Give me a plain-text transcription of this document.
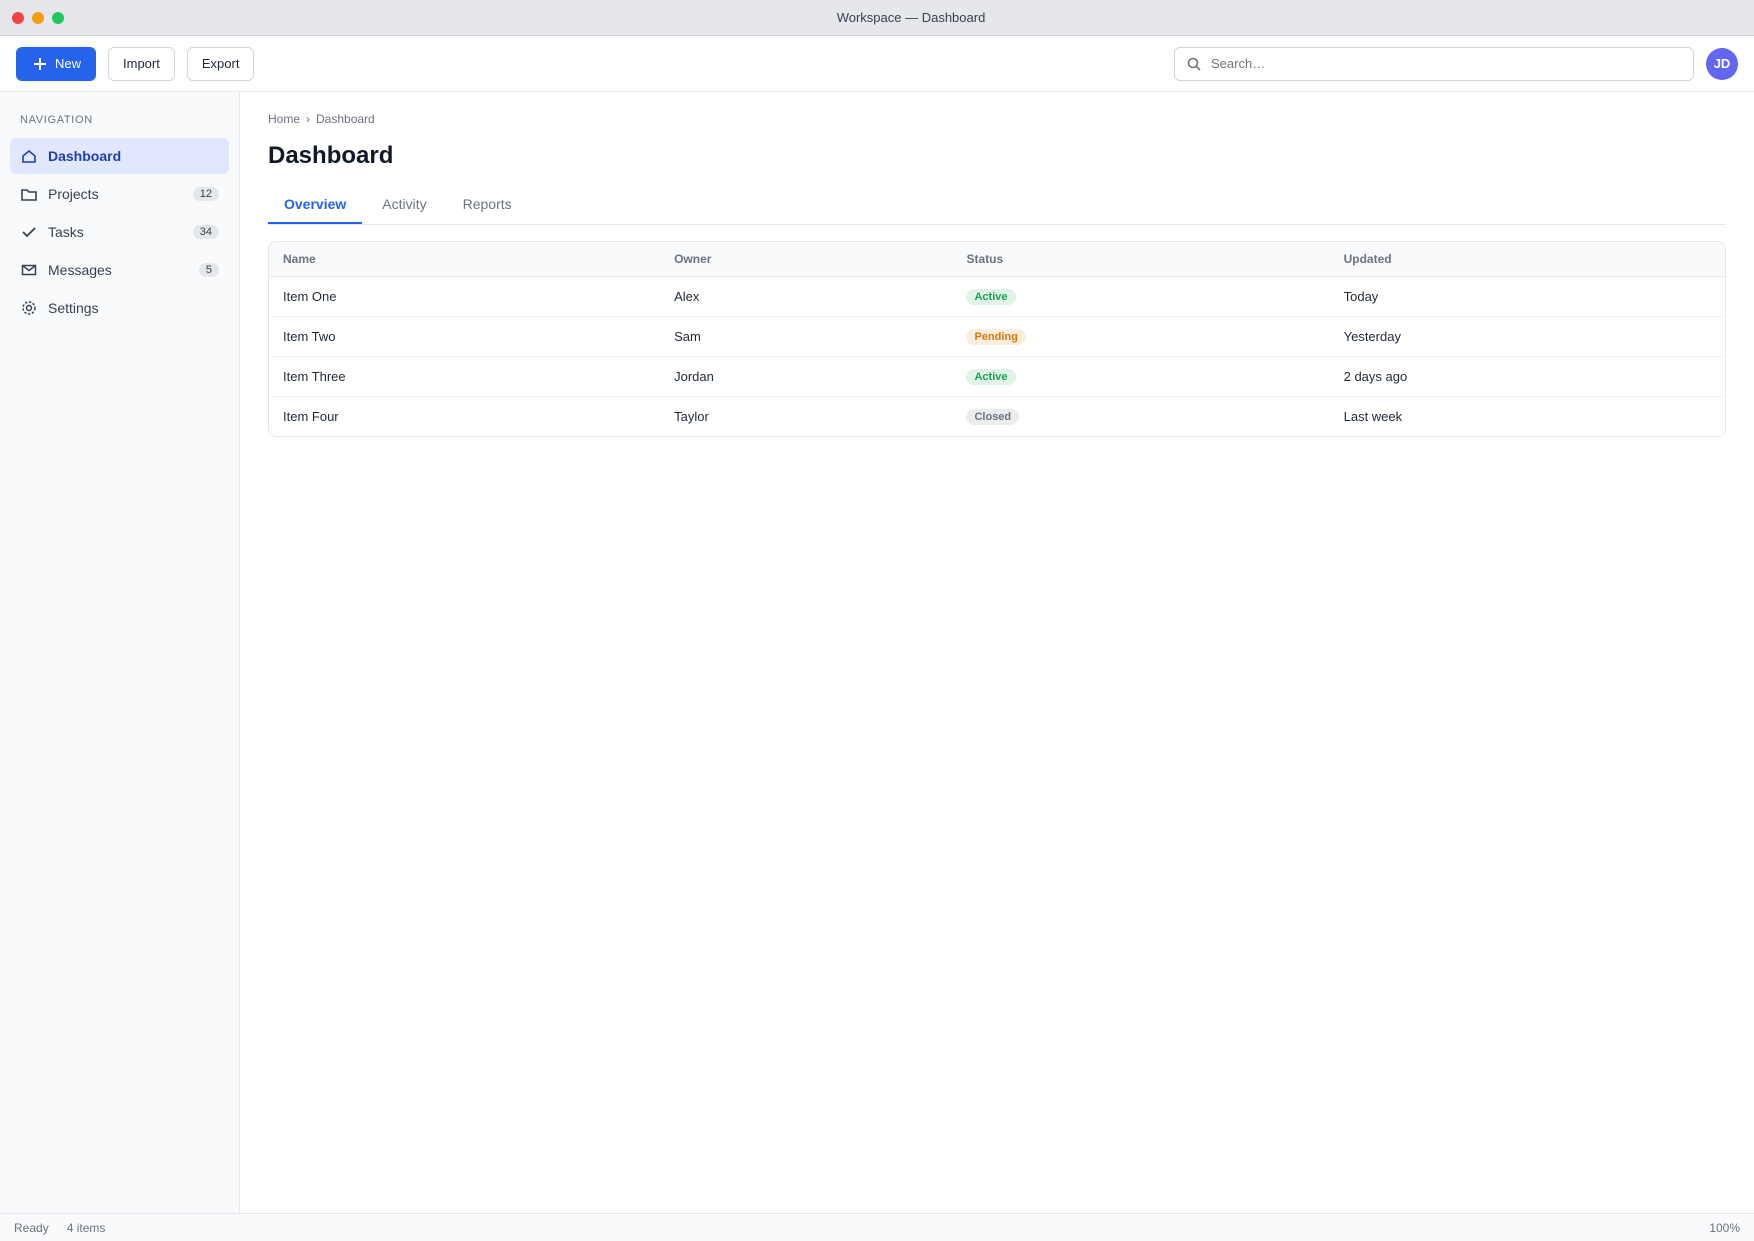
Workspace — Dashboard
New	Import	Export
Search…	JD
NAVIGATION
Dashboard
Projects	12
Tasks	34
Messages	5
Settings
Home › Dashboard
Dashboard
Overview	Activity	Reports
Name	Owner	Status	Updated
Item One	Alex	Active	Today
Item Two	Sam	Pending	Yesterday
Item Three	Jordan	Active	2 days ago
Item Four	Taylor	Closed	Last week
Ready 4 items	100%
